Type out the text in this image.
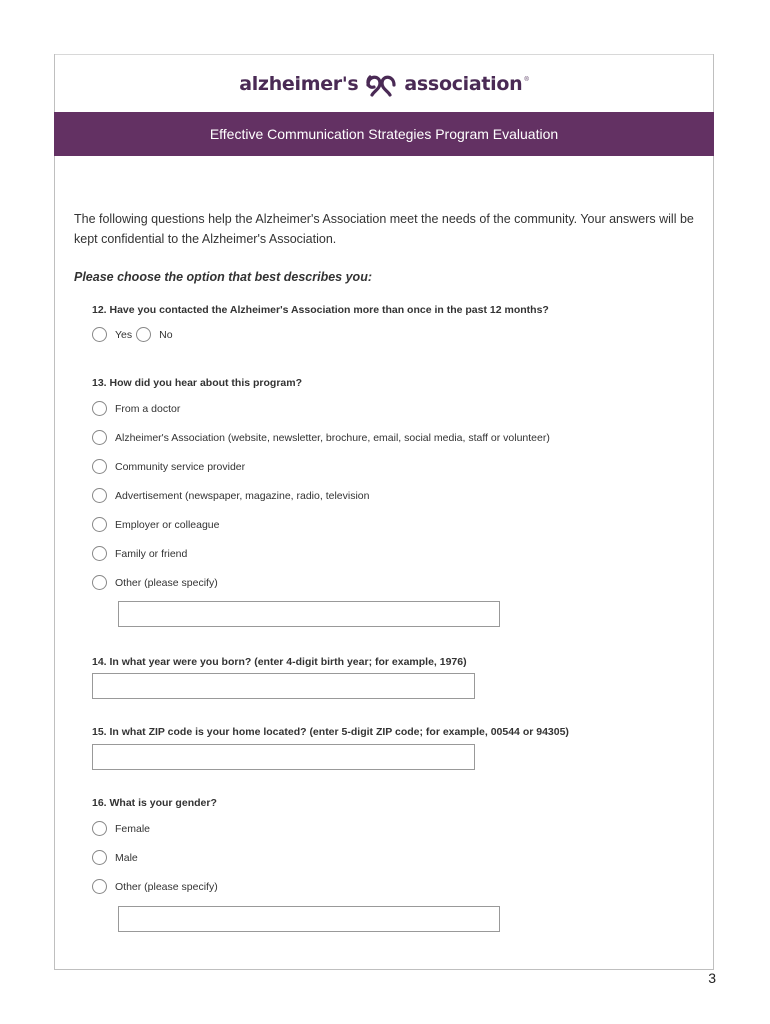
alzheimer's association ®
Effective Communication Strategies Program Evaluation
The following questions help the Alzheimer's Association meet the needs of the community. Your answers will be kept confidential to the Alzheimer's Association.
Please choose the option that best describes you:
12. Have you contacted the Alzheimer's Association more than once in the past 12 months?
Yes	No
13. How did you hear about this program?
From a doctor
Alzheimer's Association (website, newsletter, brochure, email, social media, staff or volunteer)
Community service provider
Advertisement (newspaper, magazine, radio, television
Employer or colleague
Family or friend
Other (please specify)
14. In what year were you born? (enter 4-digit birth year; for example, 1976)
15. In what ZIP code is your home located? (enter 5-digit ZIP code; for example, 00544 or 94305)
16. What is your gender?
Female
Male
Other (please specify)
3
